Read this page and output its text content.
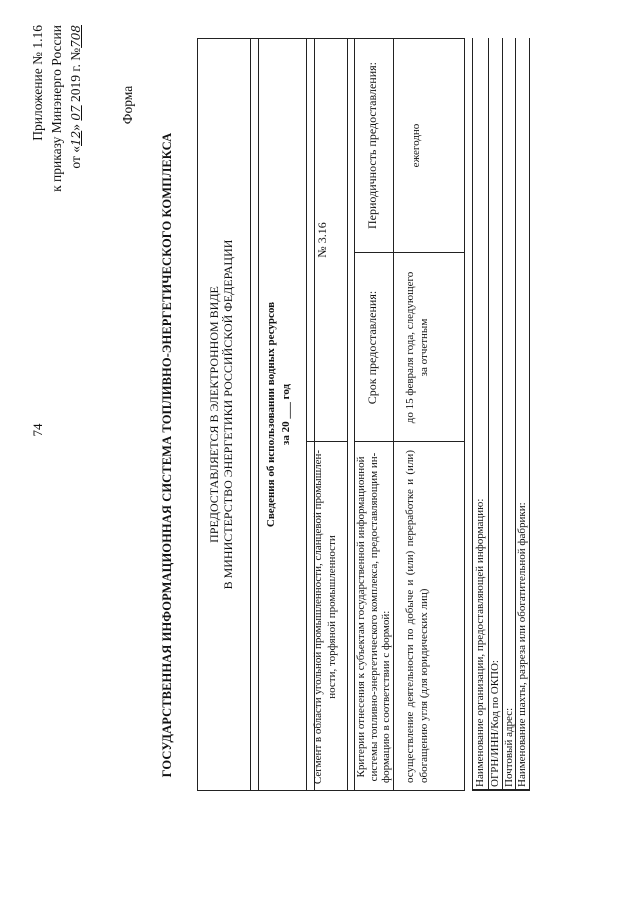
74
Приложение № 1.16 к приказу Минэнерго России от «12» 07 2019 г. №708
Форма
ГОСУДАРСТВЕННАЯ ИНФОРМАЦИОННАЯ СИСТЕМА ТОПЛИВНО-ЭНЕРГЕТИЧЕСКОГО КОМПЛЕКСА	ПРЕДОСТАВЛЯЕТСЯ В ЭЛЕКТРОННОМ ВИДЕ В МИНИСТЕРСТВО ЭНЕРГЕТИКИ РОССИЙСКОЙ ФЕДЕРАЦИИ	Сведения об использовании водных ресурсов за 20 ___ год
Сегмент в области угольной промышленности, сланцевой промышлен- ности, торфяной промышленности
№ 3.16
Критерии отнесения к субъектам государственной информационной системы топливно-энергетического комплекса, предоставляющим ин- формацию в соответствии с формой:
Срок предоставления:
Периодичность предоставления:
осуществление деятельности по добыче и (или) переработке и (или) обогащению угля (для юридических лиц)
до 15 февраля года, следующего за отчетным
ежегодно
Наименование организации, предоставляющей информацию: ОГРН/ИНН/Код по ОКПО: Почтовый адрес: Наименование шахты, разреза или обогатительной фабрики:
